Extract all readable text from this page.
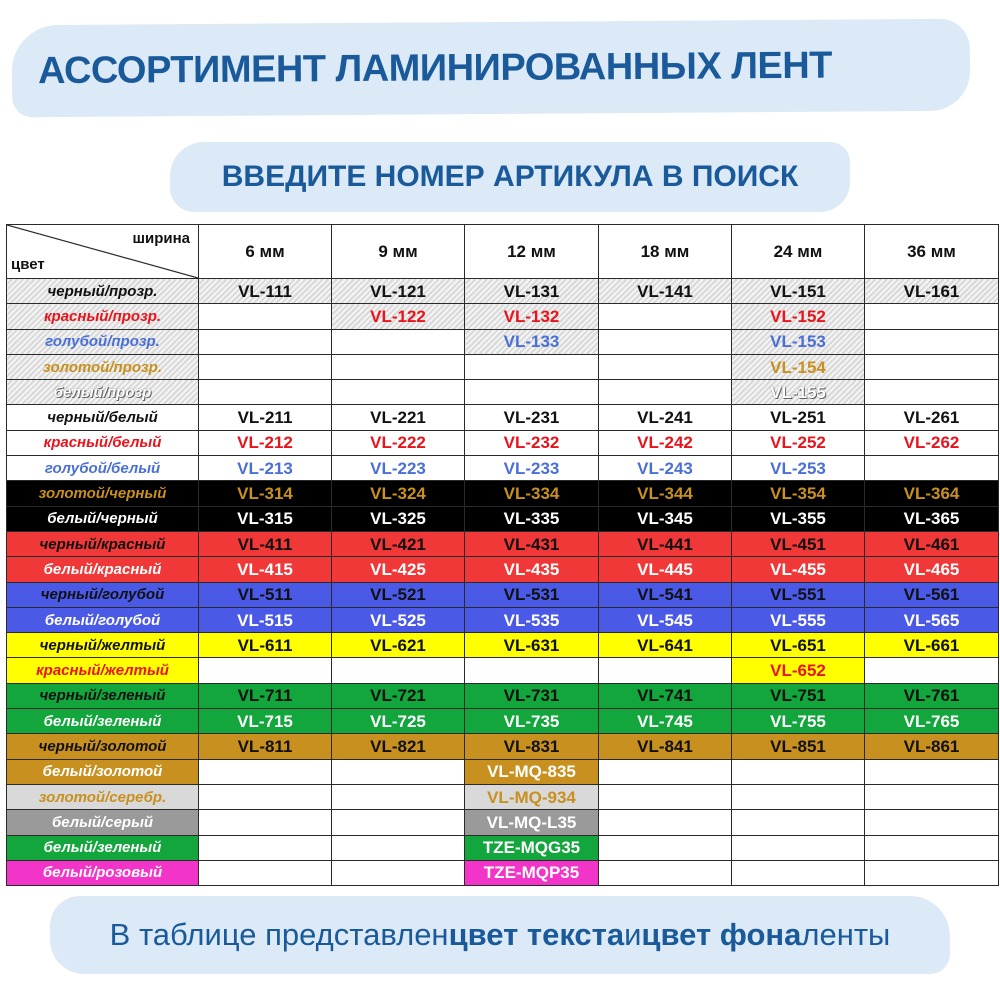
АССОРТИМЕНТ ЛАМИНИРОВАННЫХ ЛЕНТ
ВВЕДИТЕ НОМЕР АРТИКУЛА В ПОИСК
ширина
цвет	6 мм	9 мм	12 мм	18 мм	24 мм	36 мм
черный/прозр.	VL-111	VL-121	VL-131	VL-141	VL-151	VL-161
красный/прозр.		VL-122	VL-132		VL-152	
голубой/прозр.			VL-133		VL-153	
золотой/прозр.					VL-154	
белый/прозр					VL-155	
черный/белый	VL-211	VL-221	VL-231	VL-241	VL-251	VL-261
красный/белый	VL-212	VL-222	VL-232	VL-242	VL-252	VL-262
голубой/белый	VL-213	VL-223	VL-233	VL-243	VL-253	
золотой/черный	VL-314	VL-324	VL-334	VL-344	VL-354	VL-364
белый/черный	VL-315	VL-325	VL-335	VL-345	VL-355	VL-365
черный/красный	VL-411	VL-421	VL-431	VL-441	VL-451	VL-461
белый/красный	VL-415	VL-425	VL-435	VL-445	VL-455	VL-465
черный/голубой	VL-511	VL-521	VL-531	VL-541	VL-551	VL-561
белый/голубой	VL-515	VL-525	VL-535	VL-545	VL-555	VL-565
черный/желтый	VL-611	VL-621	VL-631	VL-641	VL-651	VL-661
красный/желтый					VL-652	
черный/зеленый	VL-711	VL-721	VL-731	VL-741	VL-751	VL-761
белый/зеленый	VL-715	VL-725	VL-735	VL-745	VL-755	VL-765
черный/золотой	VL-811	VL-821	VL-831	VL-841	VL-851	VL-861
белый/золотой			VL-MQ-835			
золотой/серебр.			VL-MQ-934			
белый/серый			VL-MQ-L35			
белый/зеленый			TZE-MQG35			
белый/розовый			TZE-MQP35			
В таблице представлен цвет текста и цвет фона ленты
